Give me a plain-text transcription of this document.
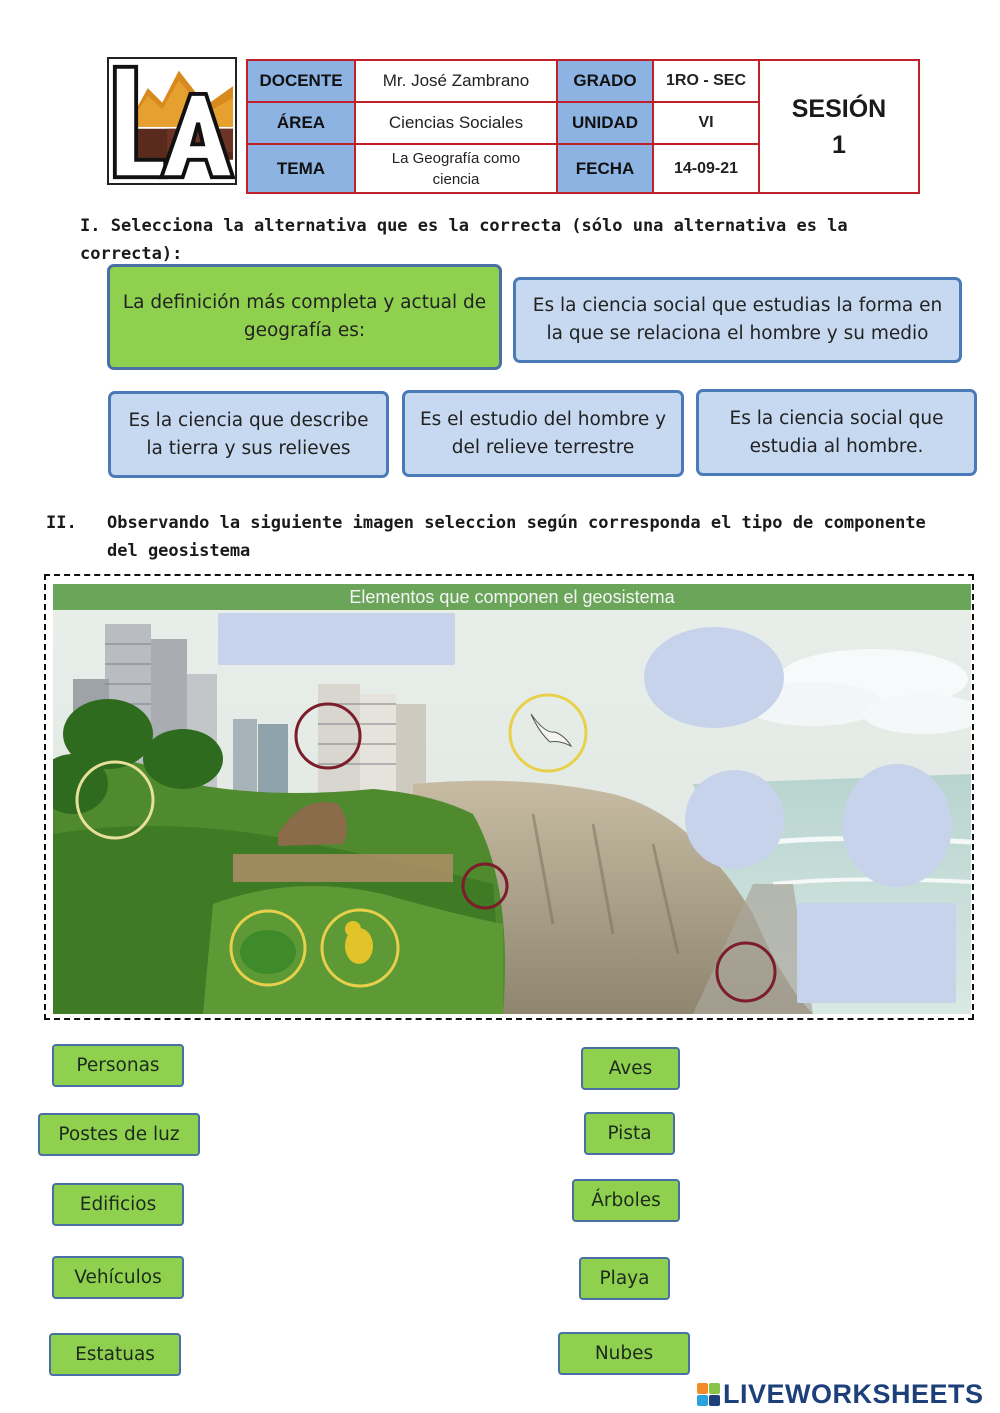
DOCENTE	Mr. José Zambrano	GRADO	1RO - SEC	SESIÓN
1

ÁREA	Ciencias Sociales	UNIDAD	VI	
TEMA	La Geografía como ciencia	FECHA	14-09-21	
I. Selecciona la alternativa que es la correcta (sólo una alternativa es la correcta):
La definición más completa y actual de geografía es:
Es la ciencia social que estudias la forma en la que se relaciona el hombre y su medio
Es la ciencia que describe la tierra y sus relieves
Es el estudio del hombre y del relieve terrestre
Es la ciencia social que estudia al hombre.
II. Observando la siguiente imagen seleccion según corresponda el tipo de componente
del geosistema
Elementos que componen el geosistema
Personas
Postes de luz
Edificios
Vehículos
Estatuas
Aves
Pista
Árboles
Playa
Nubes
LIVEWORKSHEETS
